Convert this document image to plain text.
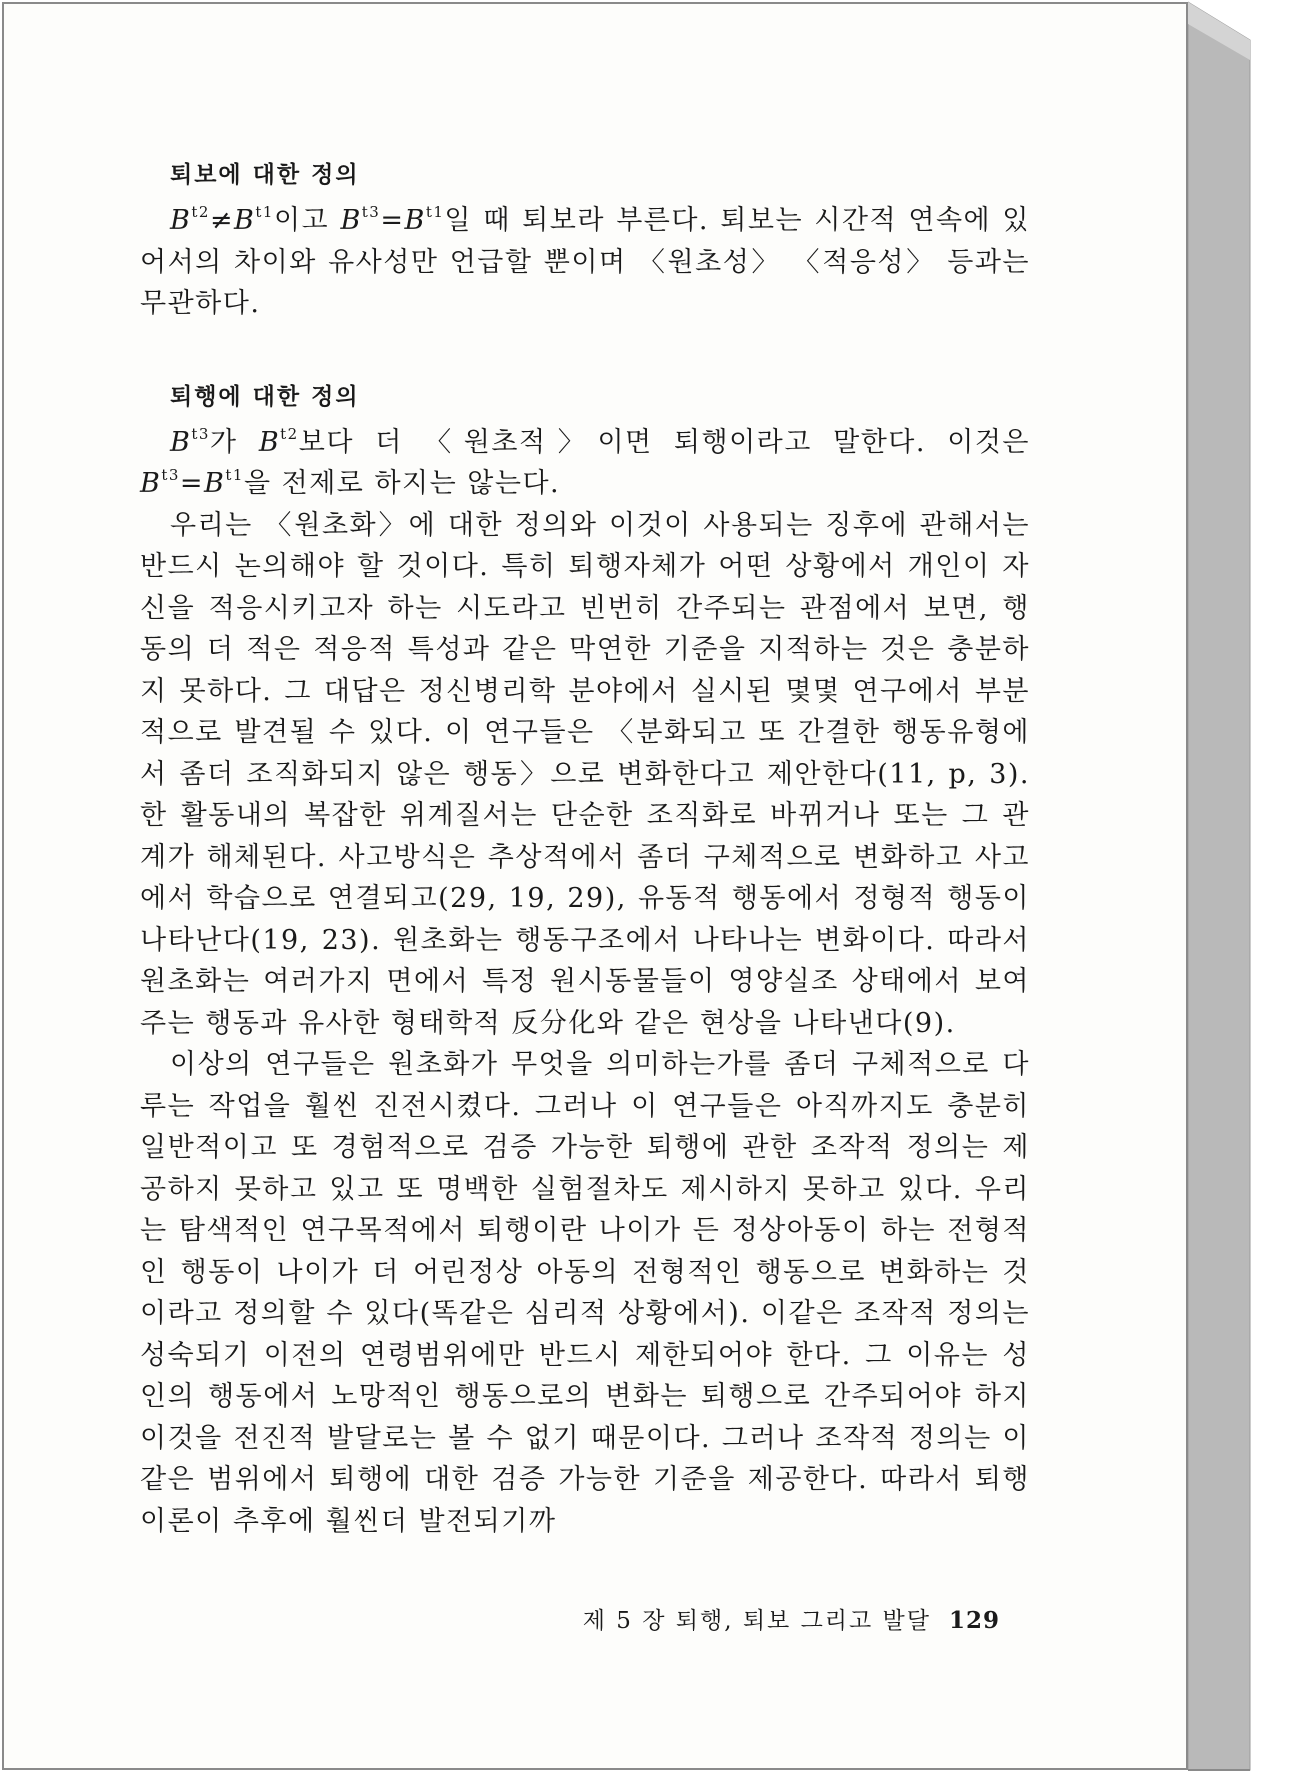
퇴보에 대한 정의

$B^{t2}\ne B^{t1}$이고 $B^{t3}=B^{t1}$일 때 퇴보라 부른다. 퇴보는 시간적 연속에 있어서의 차이와 유사성만 언급할 뿐이며 〈원초성〉 〈적응성〉 등과는 무관하다.

퇴행에 대한 정의

$B^{t3}$가 $B^{t2}$보다 더 〈원초적〉이면 퇴행이라고 말한다. 이것은 $B^{t3}=B^{t1}$을 전제로 하지는 않는다.

우리는 〈원초화〉에 대한 정의와 이것이 사용되는 징후에 관해서는 반드시 논의해야 할 것이다. 특히 퇴행자체가 어떤 상황에서 개인이 자신을 적응시키고자 하는 시도라고 빈번히 간주되는 관점에서 보면, 행동의 더 적은 적응적 특성과 같은 막연한 기준을 지적하는 것은 충분하지 못하다. 그 대답은 정신병리학 분야에서 실시된 몇몇 연구에서 부분적으로 발견될 수 있다. 이 연구들은 〈분화되고 또 간결한 행동유형에서 좀더 조직화되지 않은 행동〉으로 변화한다고 제안한다(11, p, 3). 한 활동내의 복잡한 위계질서는 단순한 조직화로 바뀌거나 또는 그 관계가 해체된다. 사고방식은 추상적에서 좀더 구체적으로 변화하고 사고에서 학습으로 연결되고(29, 19, 29), 유동적 행동에서 정형적 행동이 나타난다(19, 23). 원초화는 행동구조에서 나타나는 변화이다. 따라서 원초화는 여러가지 면에서 특정 원시동물들이 영양실조 상태에서 보여주는 행동과 유사한 형태학적 反分化와 같은 현상을 나타낸다(9).

이상의 연구들은 원초화가 무엇을 의미하는가를 좀더 구체적으로 다루는 작업을 훨씬 진전시켰다. 그러나 이 연구들은 아직까지도 충분히 일반적이고 또 경험적으로 검증 가능한 퇴행에 관한 조작적 정의는 제공하지 못하고 있고 또 명백한 실험절차도 제시하지 못하고 있다. 우리는 탐색적인 연구목적에서 퇴행이란 나이가 든 정상아동이 하는 전형적인 행동이 나이가 더 어린정상 아동의 전형적인 행동으로 변화하는 것이라고 정의할 수 있다(똑같은 심리적 상황에서). 이같은 조작적 정의는 성숙되기 이전의 연령범위에만 반드시 제한되어야 한다. 그 이유는 성인의 행동에서 노망적인 행동으로의 변화는 퇴행으로 간주되어야 하지 이것을 전진적 발달로는 볼 수 없기 때문이다. 그러나 조작적 정의는 이같은 범위에서 퇴행에 대한 검증 가능한 기준을 제공한다. 따라서 퇴행이론이 추후에 훨씬더 발전되기까

제 5 장 퇴행, 퇴보 그리고 발달 129
